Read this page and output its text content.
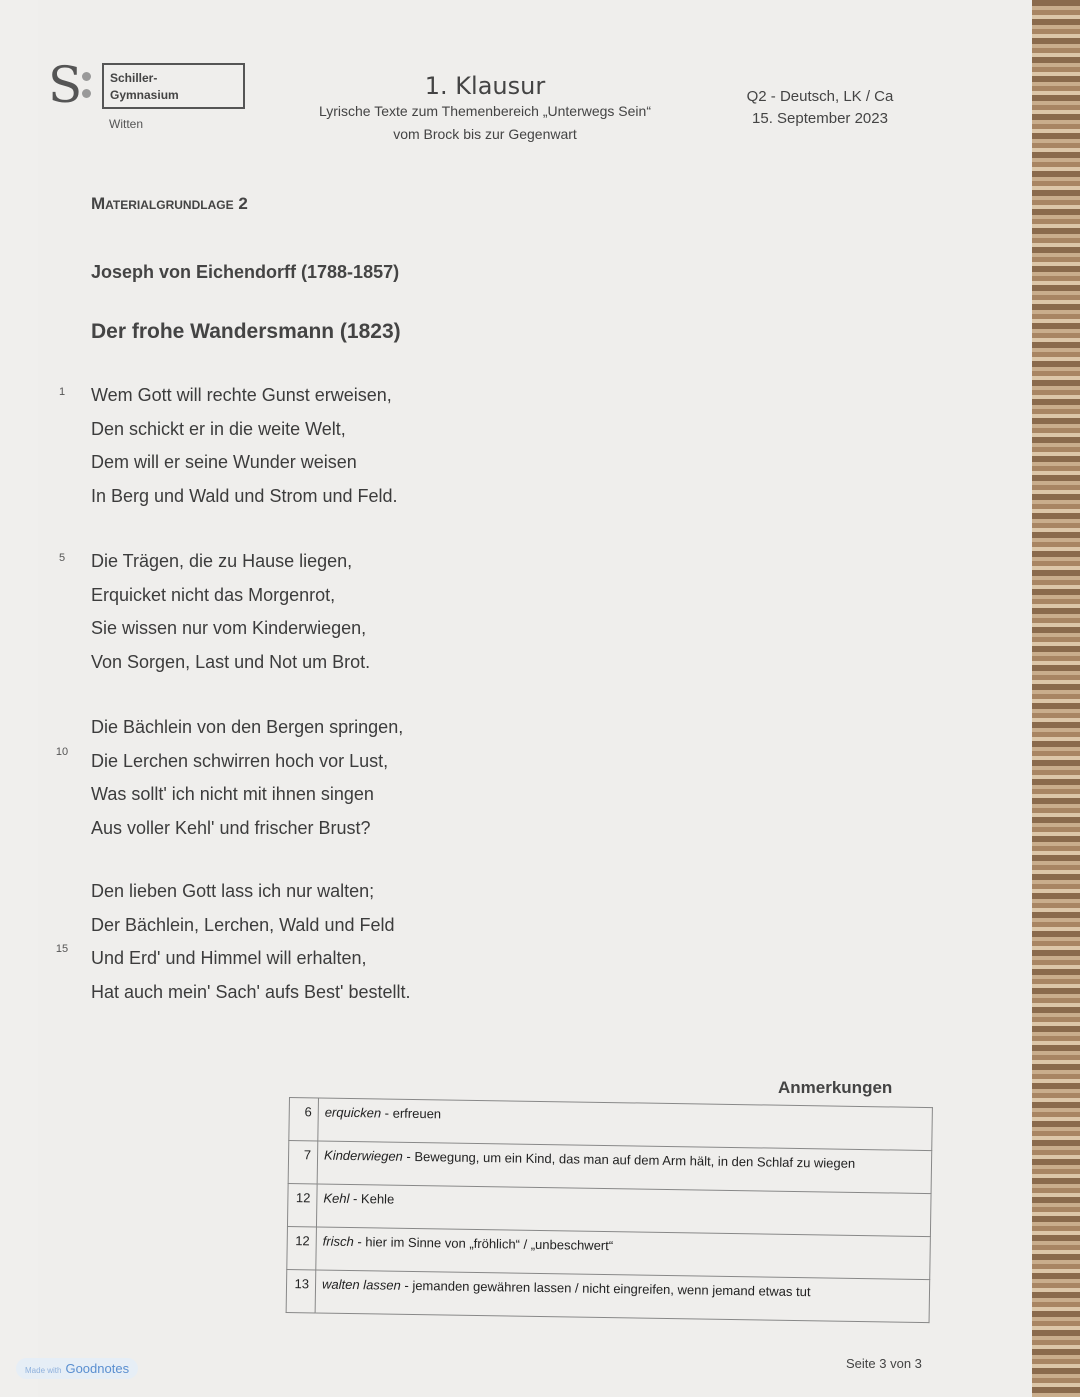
S Schiller-
Gymnasium
Witten
1. Klausur
Lyrische Texte zum Themenbereich „Unterwegs Sein“
vom Brock bis zur Gegenwart
Q2 - Deutsch, LK / Ca
15. September 2023
Materialgrundlage 2
Joseph von Eichendorff (1788-1857)
Der frohe Wandersmann (1823)
1
5
10
15
Wem Gott will rechte Gunst erweisen,
Den schickt er in die weite Welt,
Dem will er seine Wunder weisen
In Berg und Wald und Strom und Feld.
Die Trägen, die zu Hause liegen,
Erquicket nicht das Morgenrot,
Sie wissen nur vom Kinderwiegen,
Von Sorgen, Last und Not um Brot.
Die Bächlein von den Bergen springen,
Die Lerchen schwirren hoch vor Lust,
Was sollt' ich nicht mit ihnen singen
Aus voller Kehl' und frischer Brust?
Den lieben Gott lass ich nur walten;
Der Bächlein, Lerchen, Wald und Feld
Und Erd' und Himmel will erhalten,
Hat auch mein' Sach' aufs Best' bestellt.
Anmerkungen
6	erquicken - erfreuen
7	Kinderwiegen - Bewegung, um ein Kind, das man auf dem Arm hält, in den Schlaf zu wiegen
12	Kehl - Kehle
12	frisch - hier im Sinne von „fröhlich“ / „unbeschwert“
13	walten lassen - jemanden gewähren lassen / nicht eingreifen, wenn jemand etwas tut
Seite 3 von 3
Made with Goodnotes
